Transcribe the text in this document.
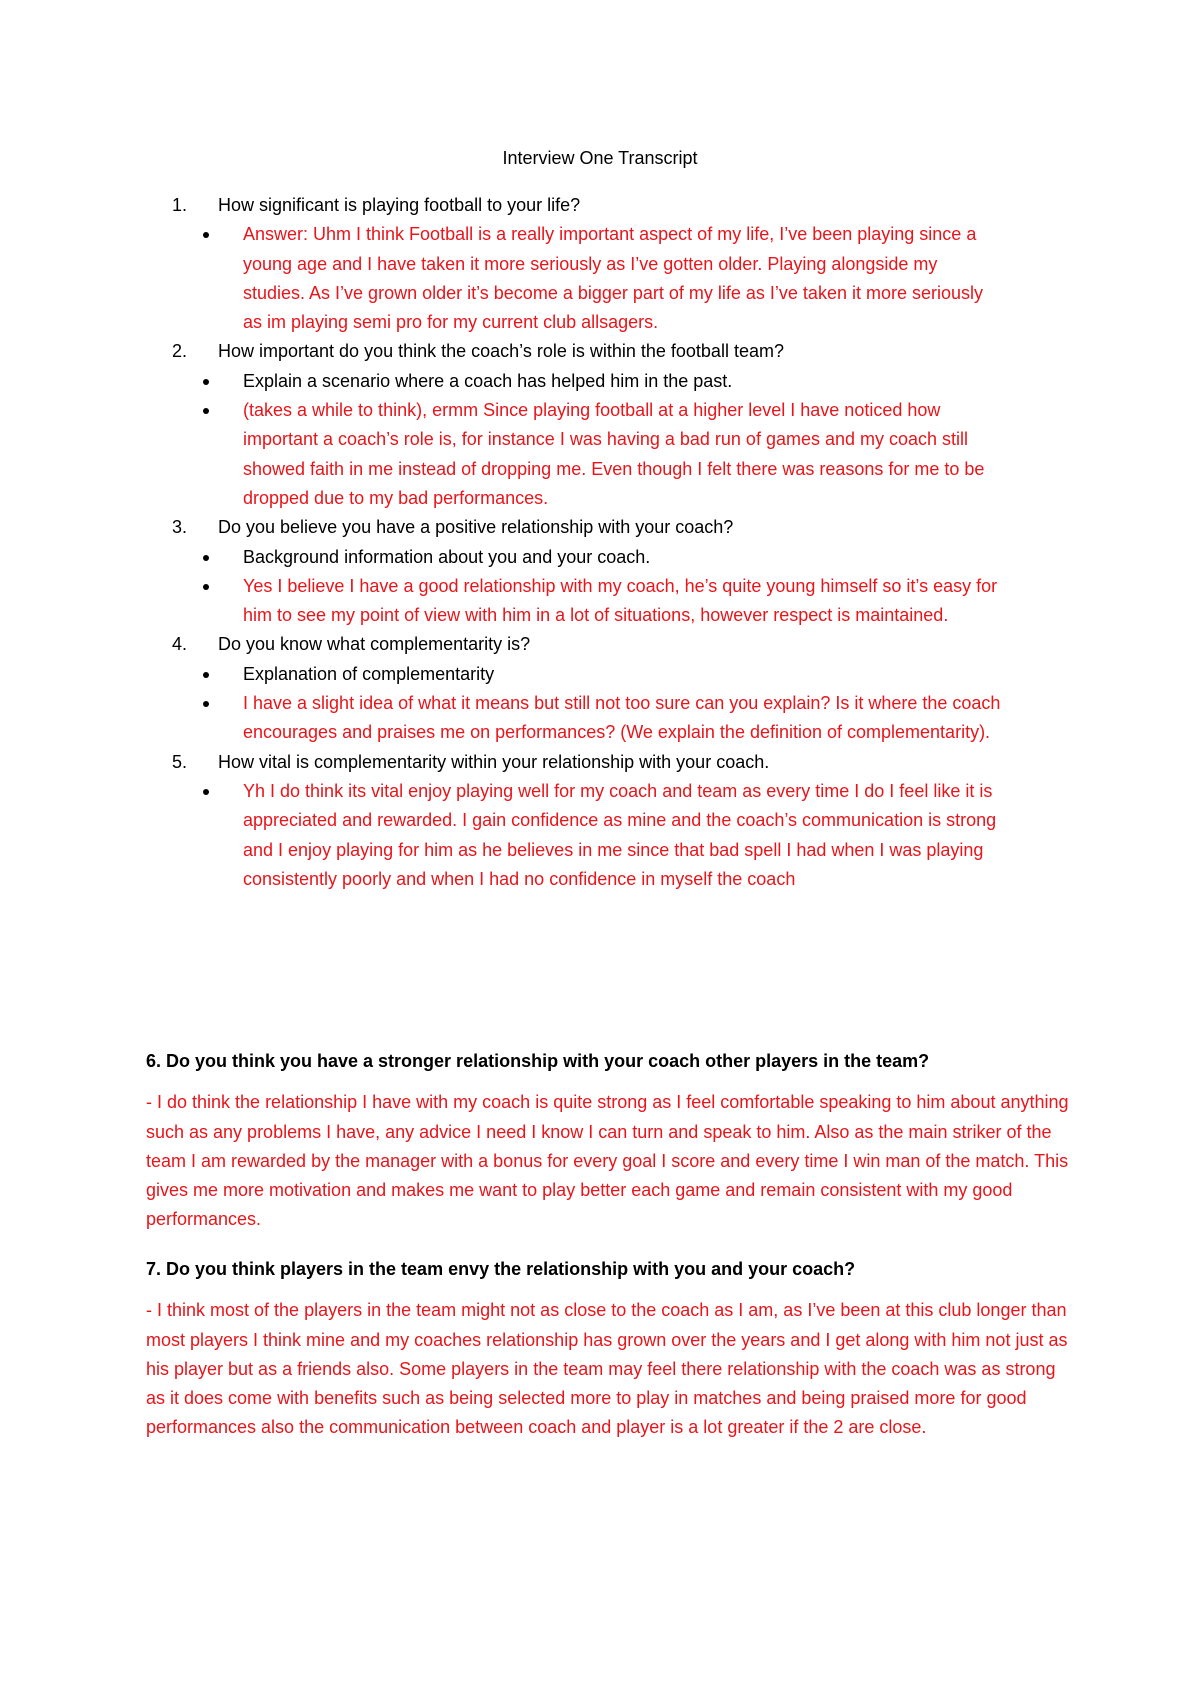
Interview One Transcript
1. How significant is playing football to your life?
Answer: Uhm I think Football is a really important aspect of my life, I’ve been playing since a young age and I have taken it more seriously as I’ve gotten older. Playing alongside my studies. As I’ve grown older it’s become a bigger part of my life as I’ve taken it more seriously as im playing semi pro for my current club allsagers.
2. How important do you think the coach’s role is within the football team?
Explain a scenario where a coach has helped him in the past.
(takes a while to think), ermm Since playing football at a higher level I have noticed how important a coach’s role is, for instance I was having a bad run of games and my coach still showed faith in me instead of dropping me. Even though I felt there was reasons for me to be dropped due to my bad performances.
3. Do you believe you have a positive relationship with your coach?
Background information about you and your coach.
Yes I believe I have a good relationship with my coach, he’s quite young himself so it’s easy for him to see my point of view with him in a lot of situations, however respect is maintained.
4. Do you know what complementarity is?
Explanation of complementarity
I have a slight idea of what it means but still not too sure can you explain? Is it where the coach encourages and praises me on performances? (We explain the definition of complementarity).
5. How vital is complementarity within your relationship with your coach.
Yh I do think its vital enjoy playing well for my coach and team as every time I do I feel like it is appreciated and rewarded. I gain confidence as mine and the coach’s communication is strong and I enjoy playing for him as he believes in me since that bad spell I had when I was playing consistently poorly and when I had no confidence in myself the coach
6. Do you think you have a stronger relationship with your coach other players in the team?
- I do think the relationship I have with my coach is quite strong as I feel comfortable speaking to him about anything such as any problems I have, any advice I need I know I can turn and speak to him. Also as the main striker of the team I am rewarded by the manager with a bonus for every goal I score and every time I win man of the match. This gives me more motivation and makes me want to play better each game and remain consistent with my good performances.
7. Do you think players in the team envy the relationship with you and your coach?
- I think most of the players in the team might not as close to the coach as I am, as I’ve been at this club longer than most players I think mine and my coaches relationship has grown over the years and I get along with him not just as his player but as a friends also. Some players in the team may feel there relationship with the coach was as strong as it does come with benefits such as being selected more to play in matches and being praised more for good performances also the communication between coach and player is a lot greater if the 2 are close.
